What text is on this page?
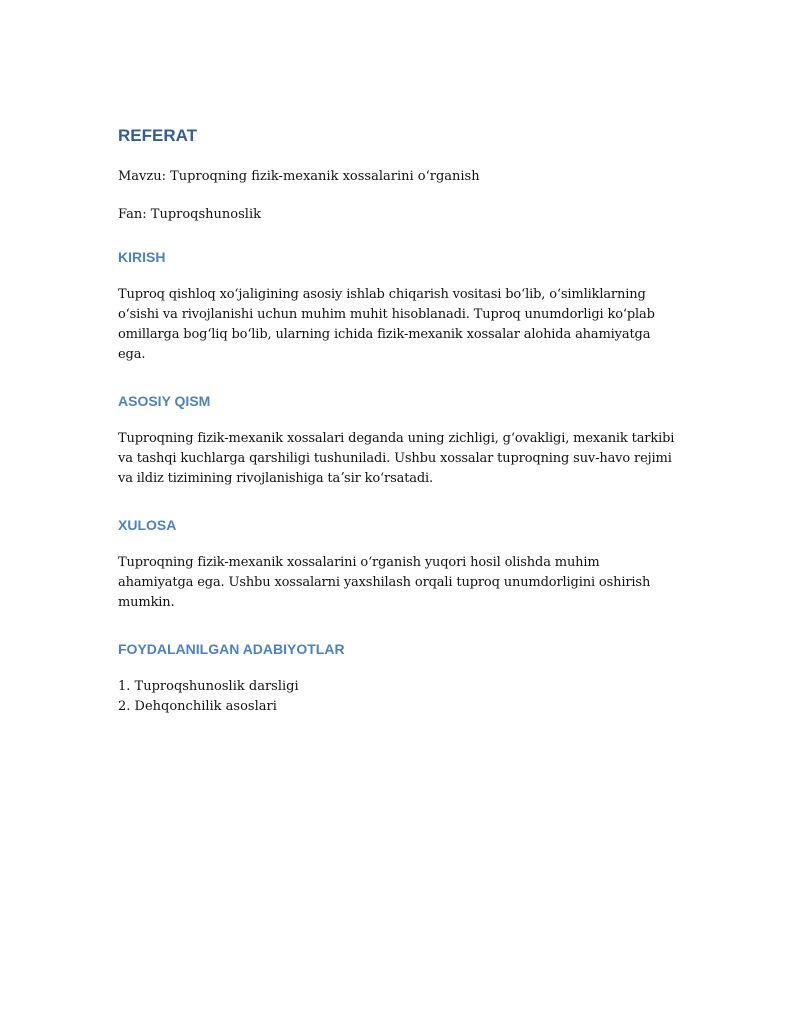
REFERAT

Mavzu: Tuproqning fizik-mexanik xossalarini oʻrganish

Fan: Tuproqshunoslik

KIRISH

Tuproq qishloq xoʻjaligining asosiy ishlab chiqarish vositasi boʻlib, oʻsimliklarning oʻsishi va rivojlanishi uchun muhim muhit hisoblanadi. Tuproq unumdorligi koʻplab omillarga bogʻliq boʻlib, ularning ichida fizik-mexanik xossalar alohida ahamiyatga ega.

ASOSIY QISM

Tuproqning fizik-mexanik xossalari deganda uning zichligi, gʻovakligi, mexanik tarkibi va tashqi kuchlarga qarshiligi tushuniladi. Ushbu xossalar tuproqning suv-havo rejimi va ildiz tizimining rivojlanishiga taʼsir koʻrsatadi.

XULOSA

Tuproqning fizik-mexanik xossalarini oʻrganish yuqori hosil olishda muhim ahamiyatga ega. Ushbu xossalarni yaxshilash orqali tuproq unumdorligini oshirish mumkin.

FOYDALANILGAN ADABIYOTLAR
1. Tuproqshunoslik darsligi
2. Dehqonchilik asoslari
